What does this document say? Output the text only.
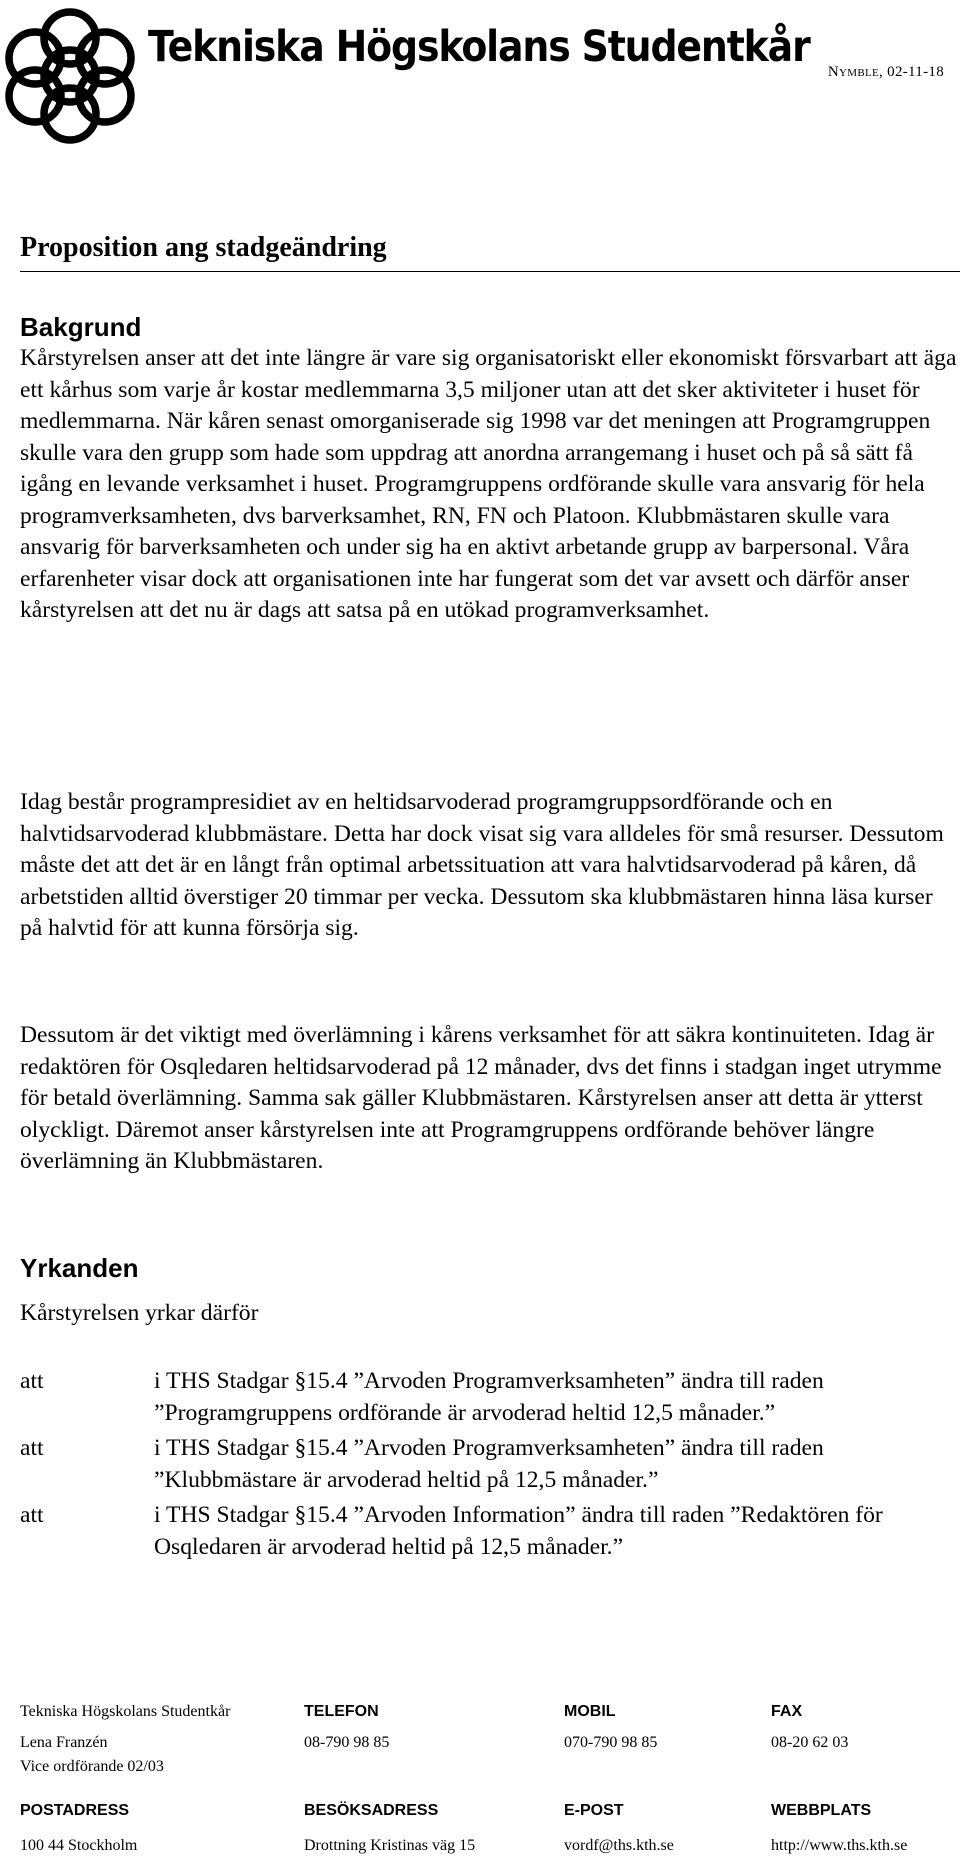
Tekniska Högskolans Studentkår Nymble, 02-11-18
Proposition ang stadgeändring
Bakgrund

Kårstyrelsen anser att det inte längre är vare sig organisatoriskt eller ekonomiskt försvarbart att äga ett kårhus som varje år kostar medlemmarna 3,5 miljoner utan att det sker aktiviteter i huset för medlemmarna. När kåren senast omorganiserade sig 1998 var det meningen att Programgruppen skulle vara den grupp som hade som uppdrag att anordna arrangemang i huset och på så sätt få igång en levande verksamhet i huset. Programgruppens ordförande skulle vara ansvarig för hela programverksamheten, dvs barverksamhet, RN, FN och Platoon. Klubbmästaren skulle vara ansvarig för barverksamheten och under sig ha en aktivt arbetande grupp av barpersonal. Våra erfarenheter visar dock att organisationen inte har fungerat som det var avsett och därför anser kårstyrelsen att det nu är dags att satsa på en utökad programverksamhet.

Idag består programpresidiet av en heltidsarvoderad programgruppsordförande och en halvtidsarvoderad klubbmästare. Detta har dock visat sig vara alldeles för små resurser. Dessutom måste det att det är en långt från optimal arbetssituation att vara halvtidsarvoderad på kåren, då arbetstiden alltid överstiger 20 timmar per vecka. Dessutom ska klubbmästaren hinna läsa kurser på halvtid för att kunna försörja sig.

Dessutom är det viktigt med överlämning i kårens verksamhet för att säkra kontinuiteten. Idag är redaktören för Osqledaren heltidsarvoderad på 12 månader, dvs det finns i stadgan inget utrymme för betald överlämning. Samma sak gäller Klubbmästaren. Kårstyrelsen anser att detta är ytterst olyckligt. Däremot anser kårstyrelsen inte att Programgruppens ordförande behöver längre överlämning än Klubbmästaren.

Yrkanden

Kårstyrelsen yrkar därför

att	i THS Stadgar §15.4 ”Arvoden Programverksamheten” ändra till raden ”Programgruppens ordförande är arvoderad heltid 12,5 månader.”
att	i THS Stadgar §15.4 ”Arvoden Programverksamheten” ändra till raden ”Klubbmästare är arvoderad heltid på 12,5 månader.”
att	i THS Stadgar §15.4 ”Arvoden Information” ändra till raden ”Redaktören för Osqledaren är arvoderad heltid på 12,5 månader.”
Tekniska Högskolans Studentkår	TELEFON	MOBIL	FAX
Lena Franzén	08-790 98 85	070-790 98 85	08-20 62 03
Vice ordförande 02/03
POSTADRESS	BESÖKSADRESS	E-POST	WEBBPLATS
100 44 Stockholm	Drottning Kristinas väg 15	vordf@ths.kth.se	http://www.ths.kth.se
